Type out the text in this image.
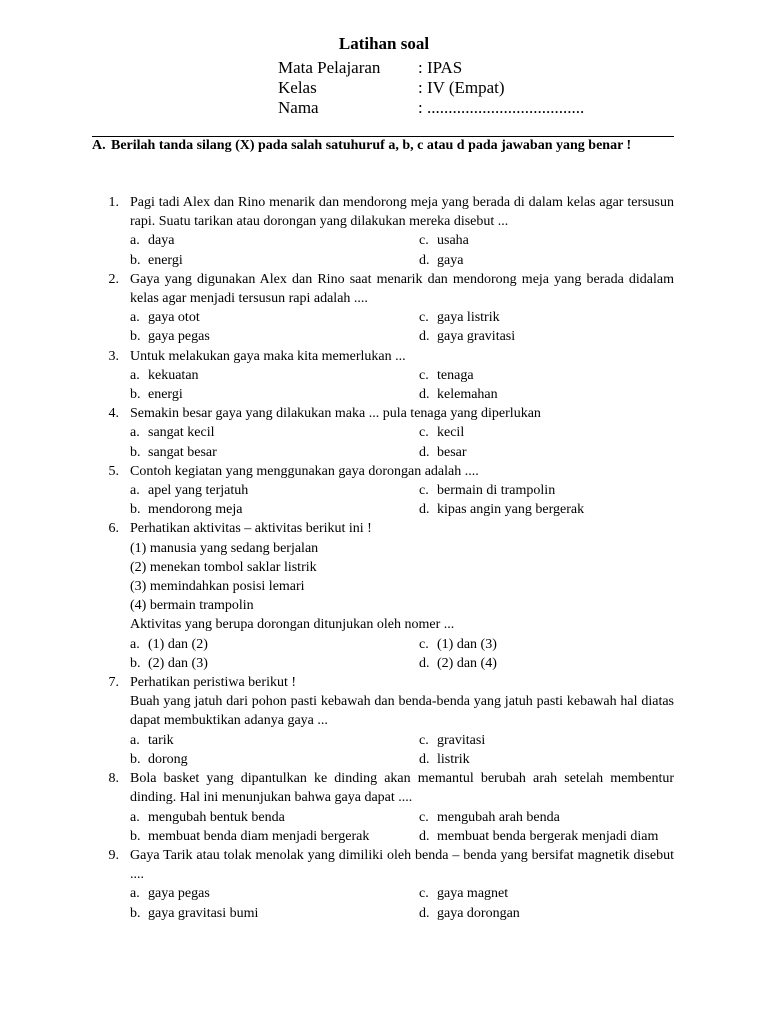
Latihan soal
Mata Pelajaran	: IPAS
Kelas	: IV (Empat)
Nama	: .....................................
A. Berilah tanda silang (X) pada salah satuhuruf a, b, c atau d pada jawaban yang benar !
1. Pagi tadi Alex dan Rino menarik dan mendorong meja yang berada di dalam kelas agar tersusun rapi. Suatu tarikan atau dorongan yang dilakukan mereka disebut ...
a. daya	c. usaha
b. energi	d. gaya
2. Gaya yang digunakan Alex dan Rino saat menarik dan mendorong meja yang berada didalam kelas agar menjadi tersusun rapi adalah ....
a. gaya otot	c. gaya listrik
b. gaya pegas	d. gaya gravitasi
3. Untuk melakukan gaya maka kita memerlukan ...
a. kekuatan	c. tenaga
b. energi	d. kelemahan
4. Semakin besar gaya yang dilakukan maka ... pula tenaga yang diperlukan
a. sangat kecil	c. kecil
b. sangat besar	d. besar
5. Contoh kegiatan yang menggunakan gaya dorongan adalah ....
a. apel yang terjatuh	c. bermain di trampolin
b. mendorong meja	d. kipas angin yang bergerak
6. Perhatikan aktivitas – aktivitas berikut ini !
(1) manusia yang sedang berjalan
(2) menekan tombol saklar listrik
(3) memindahkan posisi lemari
(4) bermain trampolin
Aktivitas yang berupa dorongan ditunjukan oleh nomer ...
a. (1) dan (2)	c. (1) dan (3)
b. (2) dan (3)	d. (2) dan (4)
7. Perhatikan peristiwa berikut !
Buah yang jatuh dari pohon pasti kebawah dan benda-benda yang jatuh pasti kebawah hal diatas dapat membuktikan adanya gaya ...
a. tarik	c. gravitasi
b. dorong	d. listrik
8. Bola basket yang dipantulkan ke dinding akan memantul berubah arah setelah membentur dinding. Hal ini menunjukan bahwa gaya dapat ....
a. mengubah bentuk benda	c. mengubah arah benda
b. membuat benda diam menjadi bergerak	d. membuat benda bergerak menjadi diam
9. Gaya Tarik atau tolak menolak yang dimiliki oleh benda – benda yang bersifat magnetik disebut ....
a. gaya pegas	c. gaya magnet
b. gaya gravitasi bumi	d. gaya dorongan
